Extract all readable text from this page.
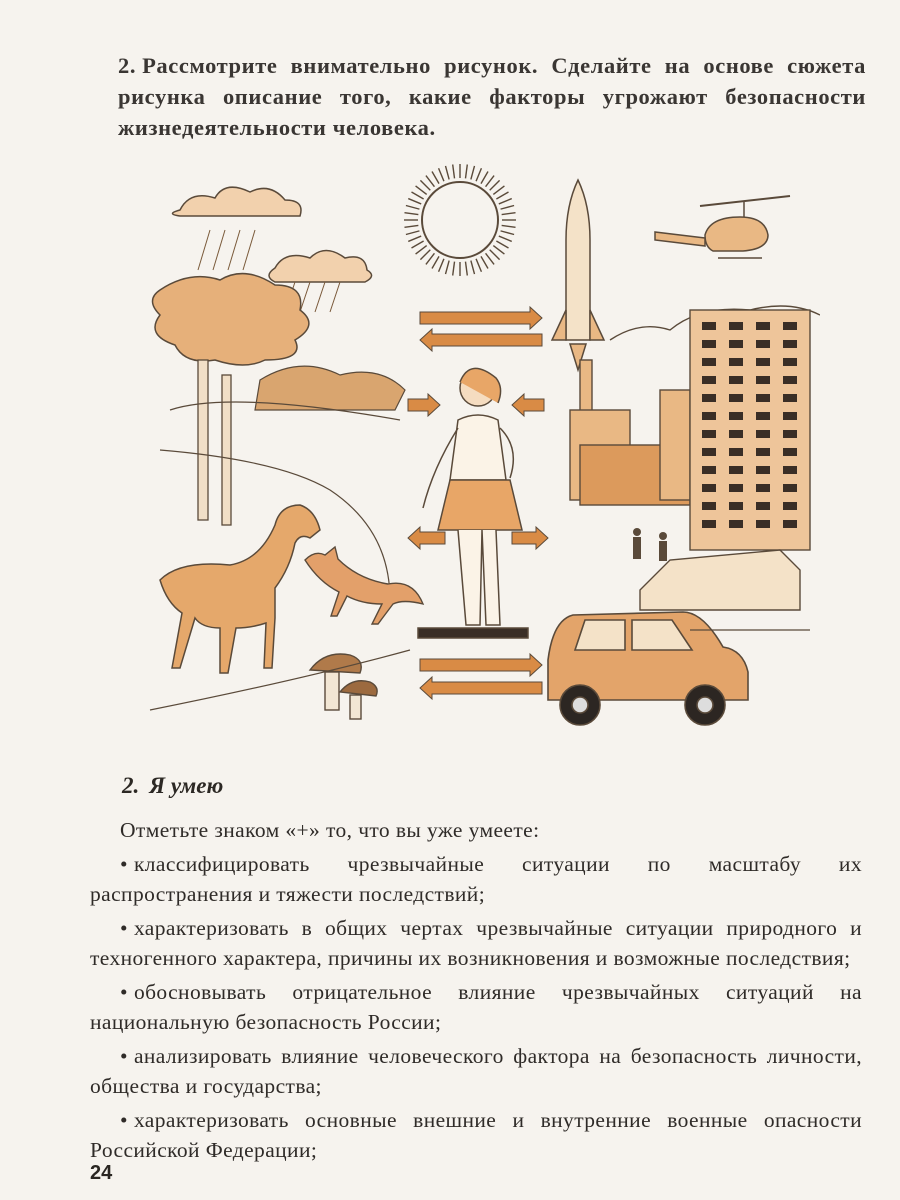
2. Рассмотрите внимательно рисунок. Сделайте на основе сюжета рисунка описание того, какие факторы угрожают безопасности жизнедеятельности человека.
2. Я умею

Отметьте знаком «+» то, что вы уже умеете:

• классифицировать чрезвычайные ситуации по масштабу их распространения и тяжести последствий;

• характеризовать в общих чертах чрезвычайные ситуации природного и техногенного характера, причины их возникновения и возможные последствия;

• обосновывать отрицательное влияние чрезвычайных ситуаций на национальную безопасность России;

• анализировать влияние человеческого фактора на безопасность личности, общества и государства;

• характеризовать основные внешние и внутренние военные опасности Российской Федерации;

24
